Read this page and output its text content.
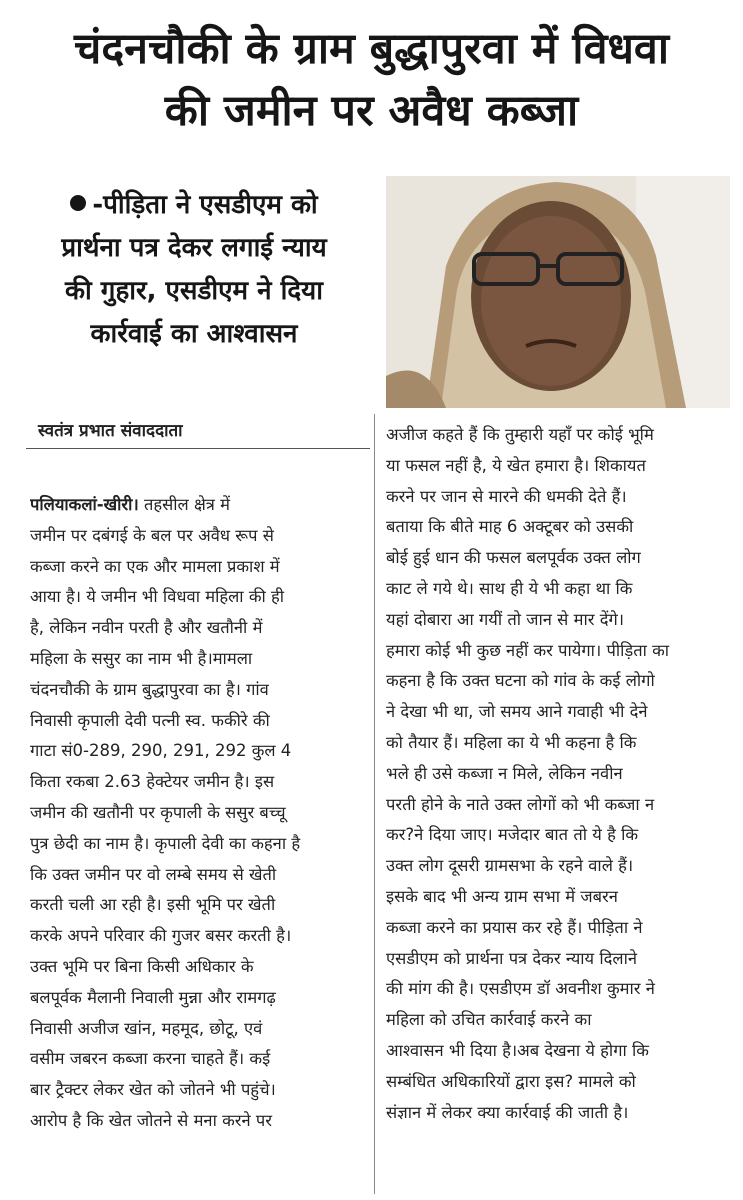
चंदनचौकी के ग्राम बुद्धापुरवा में विधवा
की जमीन पर अवैध कब्जा
-पीड़िता ने एसडीएम को
प्रार्थना पत्र देकर लगाई न्याय
की गुहार, एसडीएम ने दिया
कार्रवाई का आश्वासन
स्वतंत्र प्रभात संवाददाता
पलियाकलां-खीरी। तहसील क्षेत्र में
जमीन पर दबंगई के बल पर अवैध रूप से
कब्जा करने का एक और मामला प्रकाश में
आया है। ये जमीन भी विधवा महिला की ही
है, लेकिन नवीन परती है और खतौनी में
महिला के ससुर का नाम भी है।मामला
चंदनचौकी के ग्राम बुद्धापुरवा का है। गांव
निवासी कृपाली देवी पत्नी स्व. फकीरे की
गाटा सं0-289, 290, 291, 292 कुल 4
किता रकबा 2.63 हेक्टेयर जमीन है। इस
जमीन की खतौनी पर कृपाली के ससुर बच्चू
पुत्र छेदी का नाम है। कृपाली देवी का कहना है
कि उक्त जमीन पर वो लम्बे समय से खेती
करती चली आ रही है। इसी भूमि पर खेती
करके अपने परिवार की गुजर बसर करती है।
उक्त भूमि पर बिना किसी अधिकार के
बलपूर्वक मैलानी निवाली मुन्ना और रामगढ़
निवासी अजीज खांन, महमूद, छोटू, एवं
वसीम जबरन कब्जा करना चाहते हैं। कई
बार ट्रैक्टर लेकर खेत को जोतने भी पहुंचे।
आरोप है कि खेत जोतने से मना करने पर
अजीज कहते हैं कि तुम्हारी यहाँ पर कोई भूमि
या फसल नहीं है, ये खेत हमारा है। शिकायत
करने पर जान से मारने की धमकी देते हैं।
बताया कि बीते माह 6 अक्टूबर को उसकी
बोई हुई धान की फसल बलपूर्वक उक्त लोग
काट ले गये थे। साथ ही ये भी कहा था कि
यहां दोबारा आ गयीं तो जान से मार देंगे।
हमारा कोई भी कुछ नहीं कर पायेगा। पीड़िता का
कहना है कि उक्त घटना को गांव के कई लोगो
ने देखा भी था, जो समय आने गवाही भी देने
को तैयार हैं। महिला का ये भी कहना है कि
भले ही उसे कब्जा न मिले, लेकिन नवीन
परती होने के नाते उक्त लोगों को भी कब्जा न
कर?ने दिया जाए। मजेदार बात तो ये है कि
उक्त लोग दूसरी ग्रामसभा के रहने वाले हैं।
इसके बाद भी अन्य ग्राम सभा में जबरन
कब्जा करने का प्रयास कर रहे हैं। पीड़िता ने
एसडीएम को प्रार्थना पत्र देकर न्याय दिलाने
की मांग की है। एसडीएम डॉ अवनीश कुमार ने
महिला को उचित कार्रवाई करने का
आश्वासन भी दिया है।अब देखना ये होगा कि
सम्बंधित अधिकारियों द्वारा इस? मामले को
संज्ञान में लेकर क्या कार्रवाई की जाती है।
